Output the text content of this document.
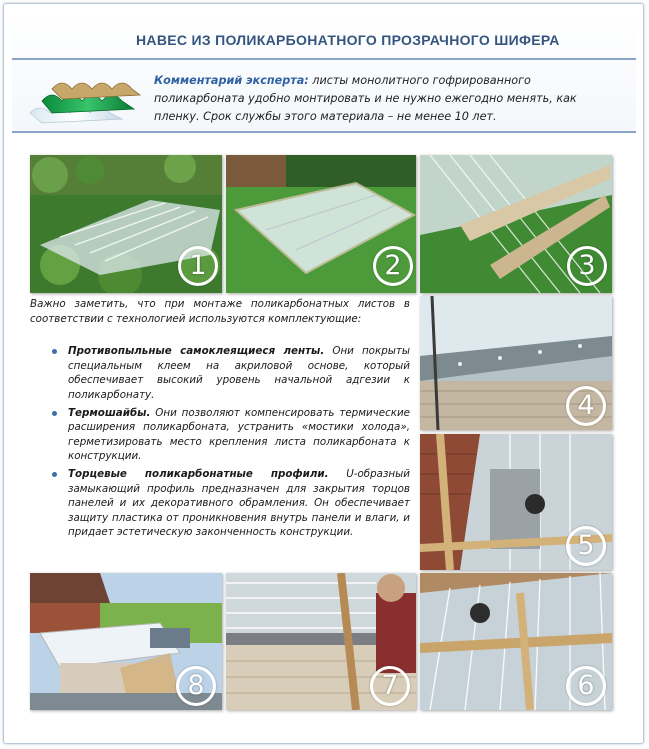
НАВЕС ИЗ ПОЛИКАРБОНАТНОГО ПРОЗРАЧНОГО ШИФЕРА
Комментарий эксперта: листы монолитного гофрированного поликарбоната удобно монтировать и не нужно ежегодно менять, как пленку. Срок службы этого материала – не менее 10 лет.
1	2	3
4
5
8	7	6

Важно заметить, что при монтаже поликарбонатных листов в соответствии с технологией используются комплектующие:

Противопыльные самоклеящиеся ленты. Они покрыты специальным клеем на акриловой основе, который обеспечивает высокий уровень начальной адгезии к поликарбонату.
Термошайбы. Они позволяют компенсировать термические расширения поликарбоната, устранить «мостики холода», герметизировать место крепления листа поликарбоната к конструкции.
Торцевые поликарбонатные профили. U-образный замыкающий профиль предназначен для закрытия торцов панелей и их декоративного обрамления. Он обеспечивает защиту пластика от проникновения внутрь панели и влаги, и придает эстетическую законченность конструкции.
